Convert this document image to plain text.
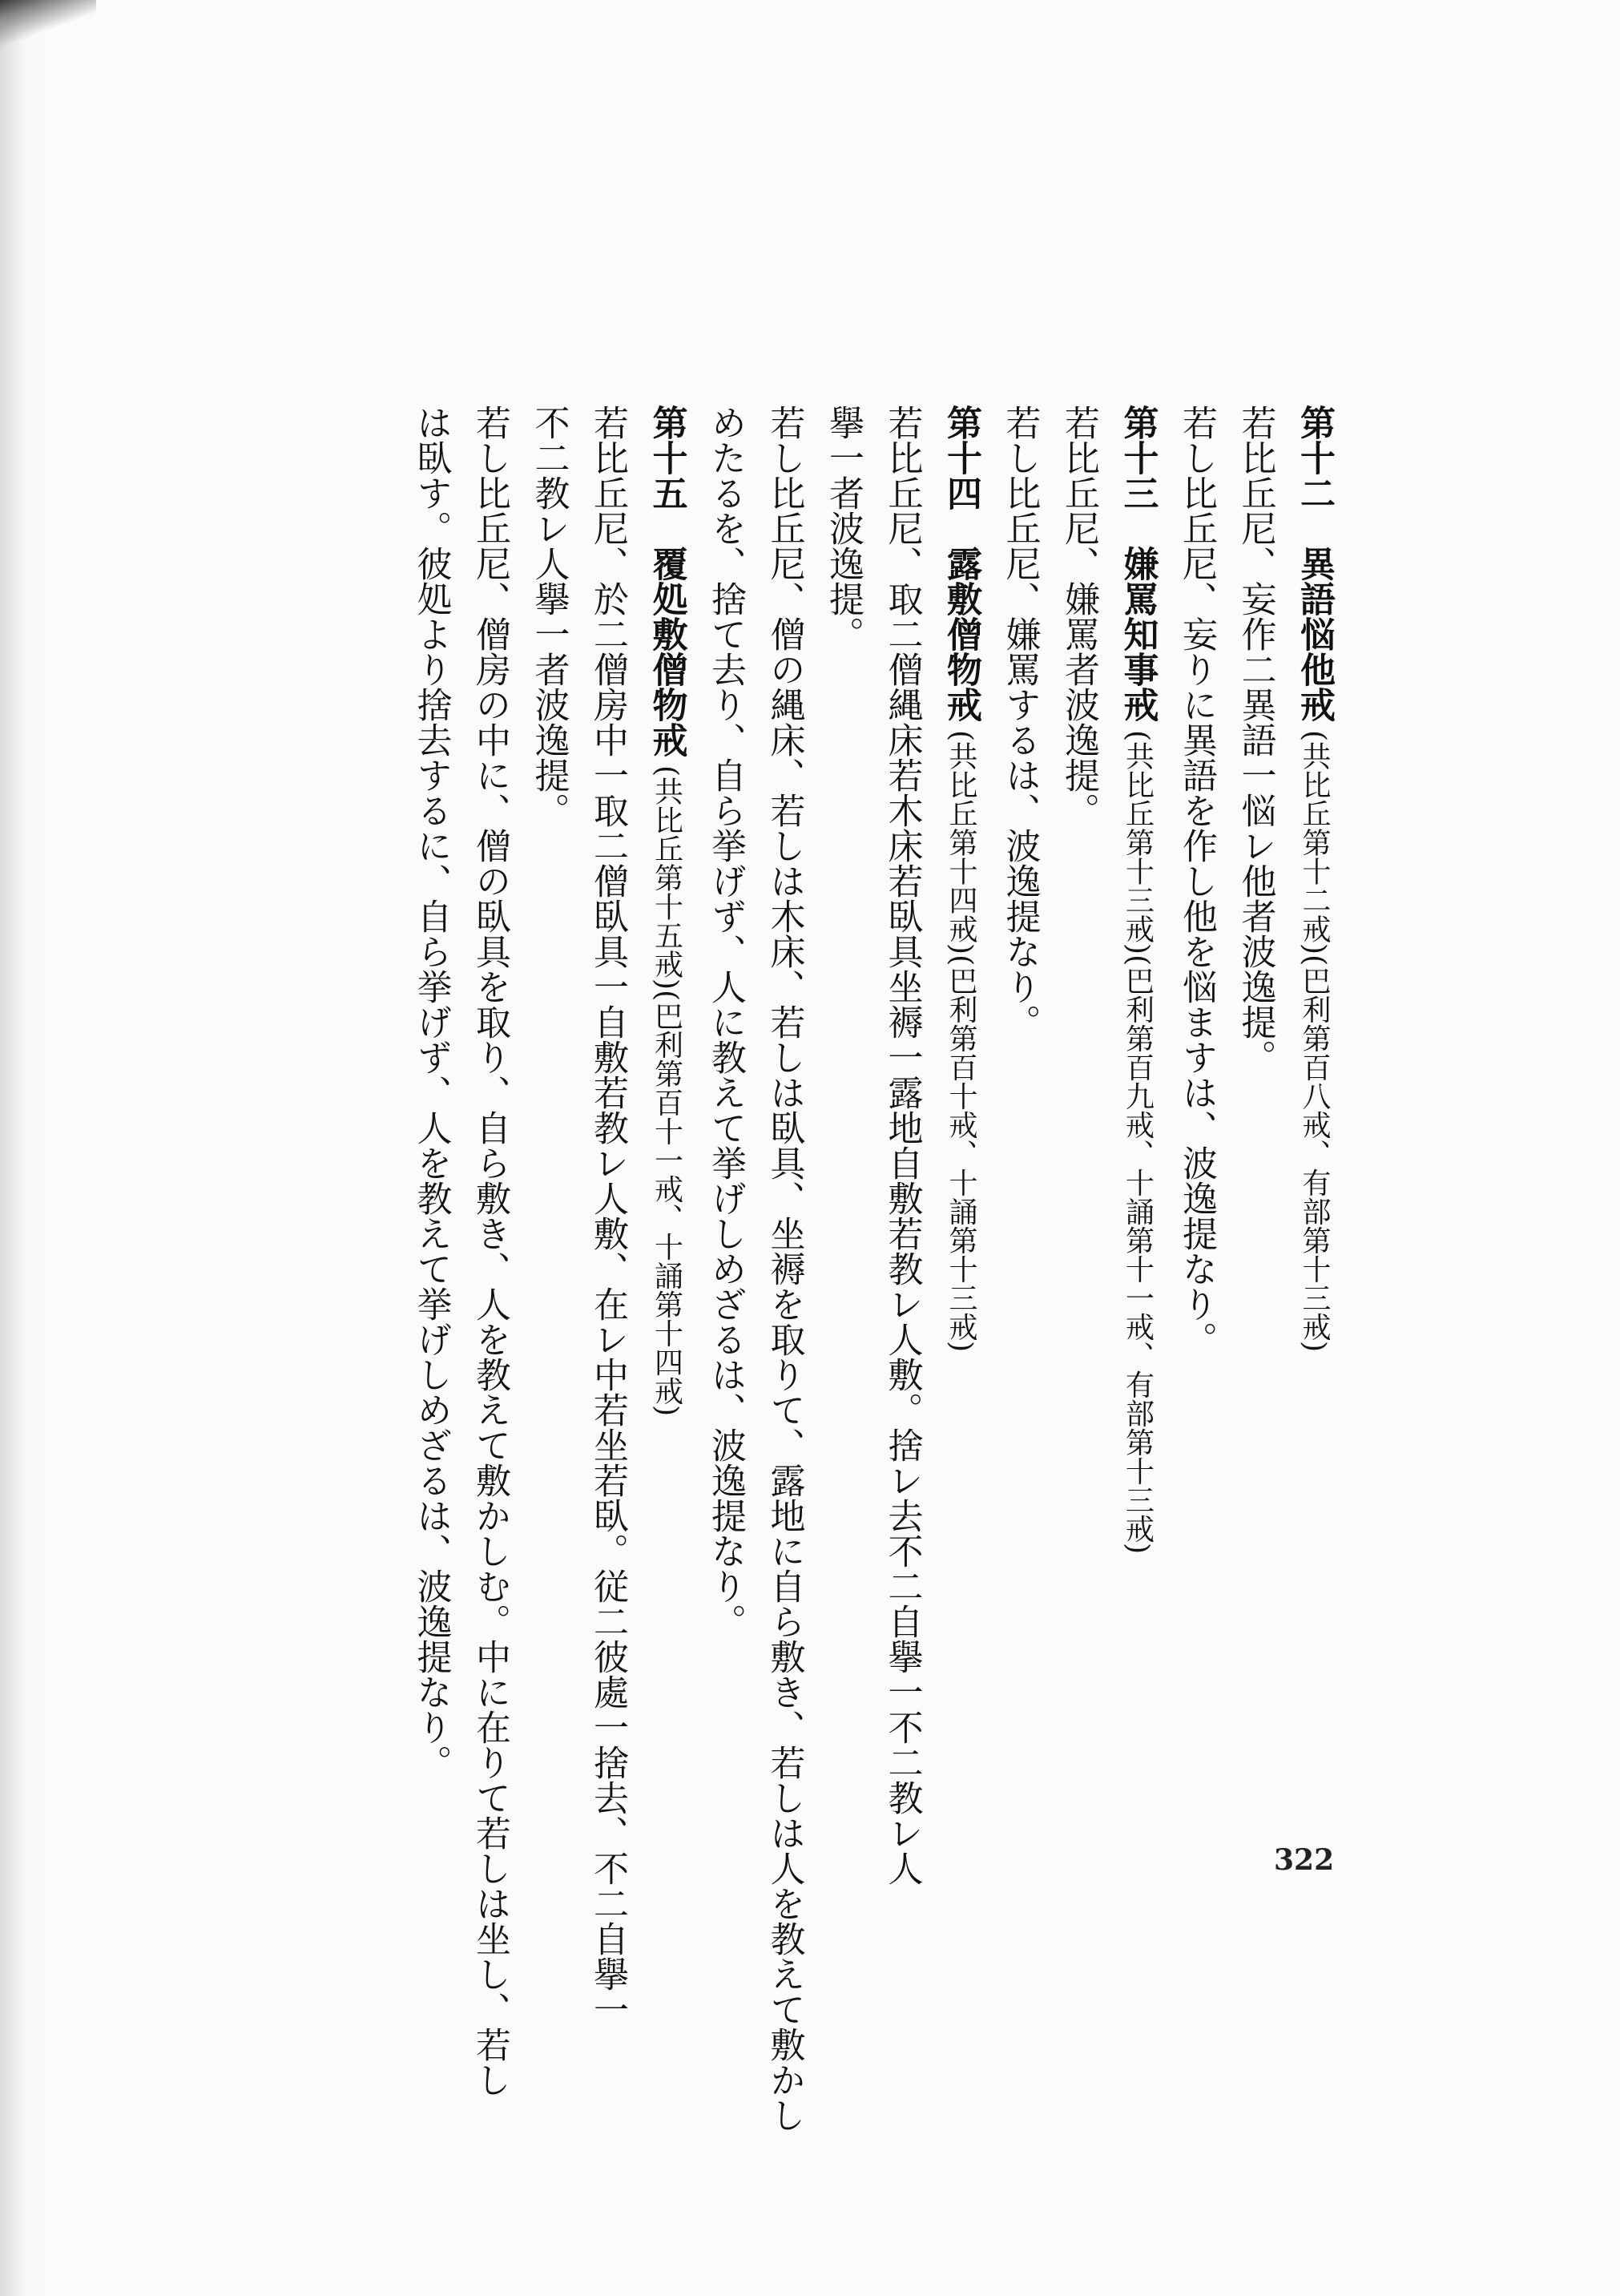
第十二異語悩他戒(共比丘第十二戒)(巴利第百八戒、有部第十三戒)
若比丘尼、妄作二異語一悩レ他者波逸提。
若し比丘尼、妄りに異語を作し他を悩ますは、波逸提なり。
第十三嫌罵知事戒(共比丘第十三戒)(巴利第百九戒、十誦第十一戒、有部第十三戒)
若比丘尼、嫌罵者波逸提。
若し比丘尼、嫌罵するは、波逸提なり。
第十四露敷僧物戒(共比丘第十四戒)(巴利第百十戒、十誦第十三戒)
若比丘尼、取二僧縄床若木床若臥具坐褥一露地自敷若教レ人敷。捨レ去不二自擧一不二教レ人
擧一者波逸提。
若し比丘尼、僧の縄床、若しは木床、若しは臥具、坐褥を取りて、露地に自ら敷き、若しは人を教えて敷かし
めたるを、捨て去り、自ら挙げず、人に教えて挙げしめざるは、波逸提なり。
第十五覆処敷僧物戒(共比丘第十五戒)(巴利第百十一戒、十誦第十四戒)
若比丘尼、於二僧房中一取二僧臥具一自敷若教レ人敷、在レ中若坐若臥。従二彼處一捨去、不二自擧一
不二教レ人擧一者波逸提。
若し比丘尼、僧房の中に、僧の臥具を取り、自ら敷き、人を教えて敷かしむ。中に在りて若しは坐し、若し
は臥す。彼処より捨去するに、自ら挙げず、人を教えて挙げしめざるは、波逸提なり。
322
